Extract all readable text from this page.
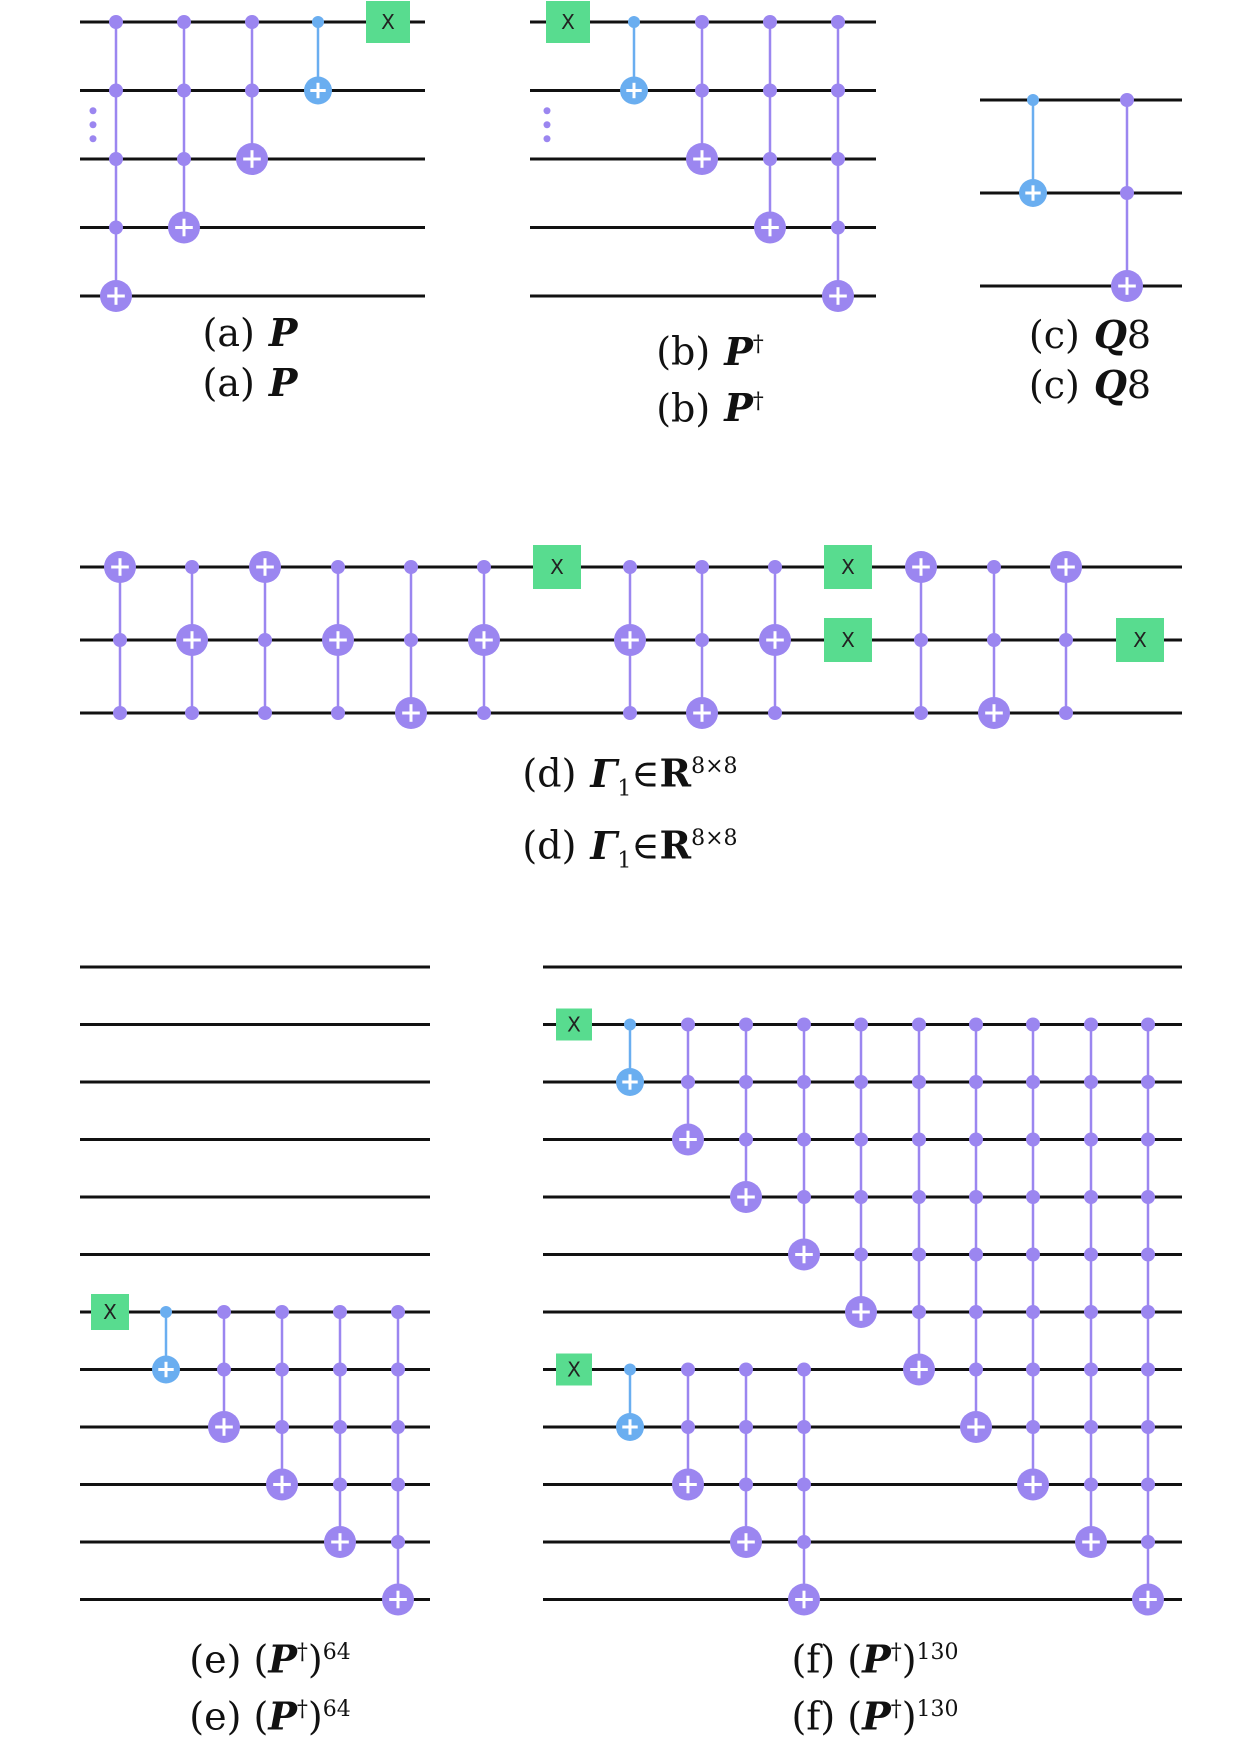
X	X
X	X
X	X
X
X
X
(a) P
(a) P
(b) P†
(b) P†
(c) Q8
(c) Q8
(d) $\Gamma_1\in R^{8\times 8}$
(d) $\Gamma_1\in R^{8\times 8}$
(e) $(P^\dagger)^{64}$
(e) $(P^\dagger)^{64}$
(f) $(P^\dagger)^{130}$
(f) $(P^\dagger)^{130}$
